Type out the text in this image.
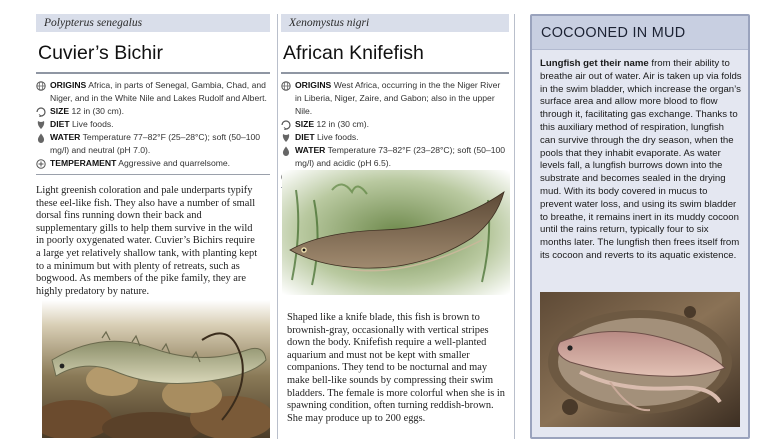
Polypterus senegalus
Cuvier’s Bichir
ORIGINS Africa, in parts of Senegal, Gambia, Chad, and Niger, and in the White Nile and Lakes Rudolf and Albert.
SIZE 12 in (30 cm).
DIET Live foods.
WATER Temperature 77–82°F (25–28°C); soft (50–100 mg/l) and neutral (pH 7.0).
TEMPERAMENT Aggressive and quarrelsome.
Light greenish coloration and pale underparts typify these eel-like fish. They also have a number of small dorsal fins running down their back and supplementary gills to help them survive in the wild in poorly oxygenated water. Cuvier’s Bichirs require a large yet relatively shallow tank, with planting kept to a minimum but with plenty of retreats, such as bogwood. As members of the pike family, they are highly predatory by nature.
Xenomystus nigri
African Knifefish
ORIGINS West Africa, occurring in the the Niger River in Liberia, Niger, Zaire, and Gabon; also in the upper Nile.
SIZE 12 in (30 cm).
DIET Live foods.
WATER Temperature 73–82°F (23–28°C); soft (50–100 mg/l) and acidic (pH 6.5).
Shaped like a knife blade, this fish is brown to brownish-gray, occasionally with vertical stripes down the body. Knifefish require a well-planted aquarium and must not be kept with smaller companions. They tend to be nocturnal and may make bell-like sounds by compressing their swim bladders. The female is more colorful when she is in spawning condition, often turning reddish-brown. She may produce up to 200 eggs.
COCOONED IN MUD
Lungfish get their name from their ability to breathe air out of water. Air is taken up via folds in the swim bladder, which increase the organ’s surface area and allow more blood to flow through it, facilitating gas exchange. Thanks to this auxiliary method of respiration, lungfish can survive through the dry season, when the pools that they inhabit evaporate. As water levels fall, a lungfish burrows down into the substrate and becomes sealed in the drying mud. With its body covered in mucus to prevent water loss, and using its swim bladder to breathe, it remains inert in its muddy cocoon until the rains return, typically four to six months later. The lungfish then frees itself from its cocoon and reverts to its aquatic existence.
